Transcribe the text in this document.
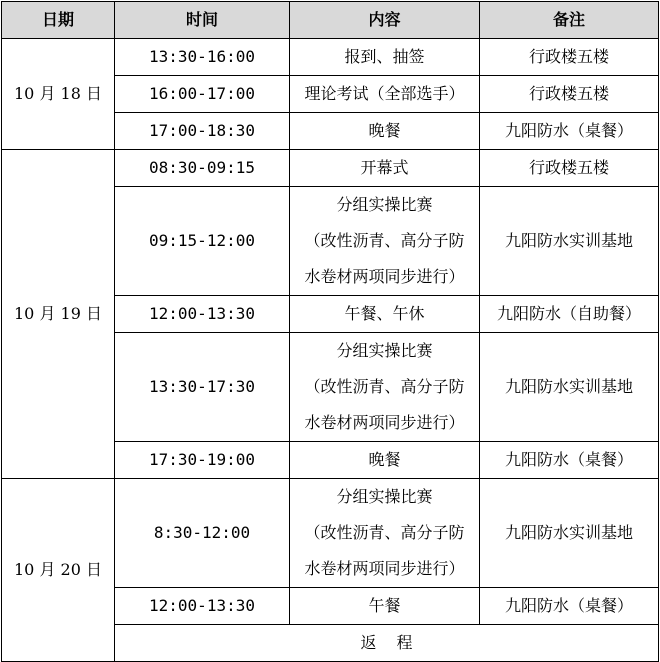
日期	时间	内容	备注
10 月 18 日	13:30-16:00	报到、抽签	行政楼五楼
	16:00-17:00	理论考试（全部选手）	行政楼五楼
	17:00-18:30	晚餐	九阳防水（桌餐）
10 月 19 日	08:30-09:15	开幕式	行政楼五楼
	09:15-12:00	分组实操比赛
（改性沥青、高分子防
水卷材两项同步进行）	九阳防水实训基地
	12:00-13:30	午餐、午休	九阳防水（自助餐）
	13:30-17:30	分组实操比赛
（改性沥青、高分子防
水卷材两项同步进行）	九阳防水实训基地
	17:30-19:00	晚餐	九阳防水（桌餐）
10 月 20 日	8:30-12:00	分组实操比赛
（改性沥青、高分子防
水卷材两项同步进行）	九阳防水实训基地
	12:00-13:30	午餐	九阳防水（桌餐）
	返程		
